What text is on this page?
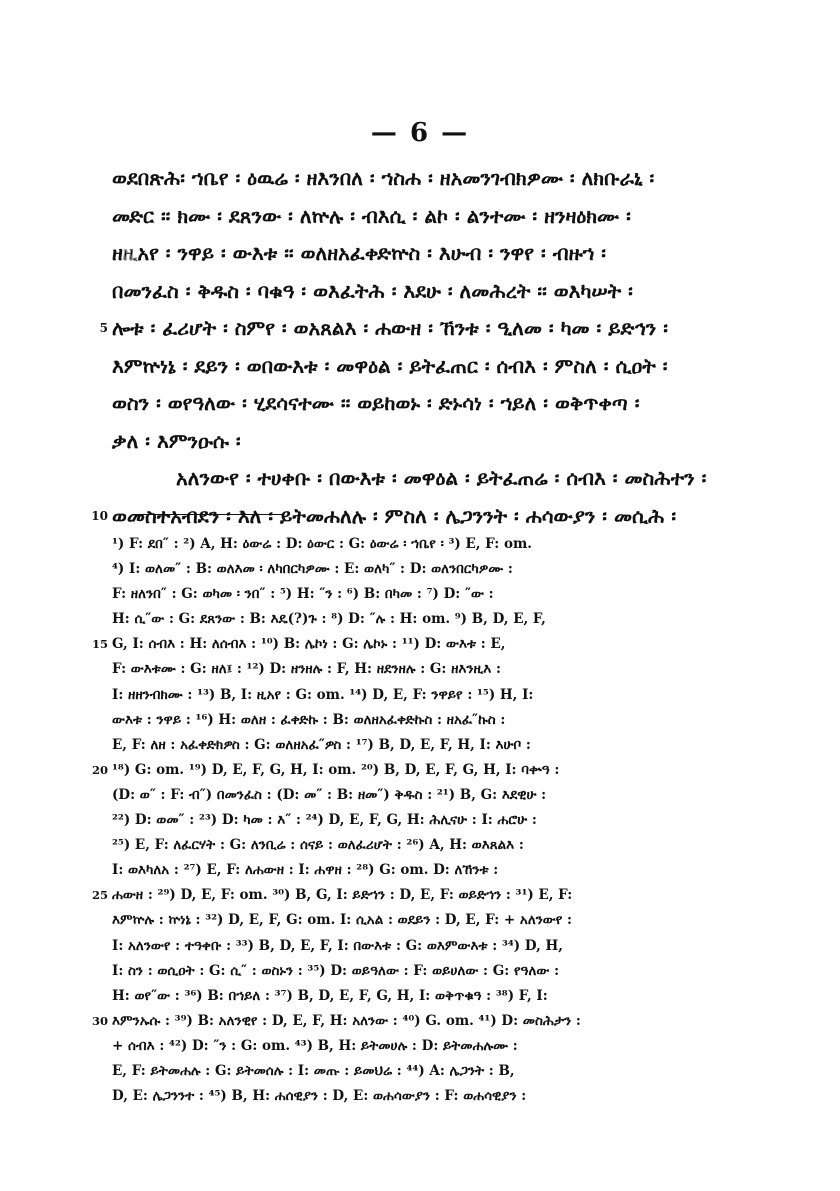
— 6 —
ወደበጽሕ፡ ኀቤየ ፡ ዕዉሬ ፡ ዘእንበለ ፡ ኀስሐ ፡ ዘአመንገብክዎሙ ፡ ለክቡራኒ ፡
መድር ፡፡ ክሙ ፡ ደጸንው ፡ ለኵሉ ፡ ብእሲ ፡ ልኮ ፡ ልንተሙ ፡ ዘንዛዕክሙ ፡
ዘዚአየ ፡ ንዋይ ፡ ውእቱ ፡፡ ወለዘአፈቀድኵስ ፡ እሁብ ፡ ንዋየ ፡ ብዙኀ ፡
በመንፈስ ፡ ቅዱስ ፡ ባቁዓ ፡ ወእፈትሕ ፡ እደሁ ፡ ለመሕረት ፡፡ ወእካሠት ፡
5 ሎቱ ፡ ፈሪሆት ፡ ስምየ ፡ ወአጸልእ ፡ ሐውዘ ፡ ኸንቱ ፡ ዒለመ ፡ ካመ ፡ ይድኅን ፡
እምኵነኔ ፡ ደይን ፡ ወበውእቱ ፡ መዋዕል ፡ ይትፈጠር ፡ ሰብእ ፡ ምስለ ፡ ሲዐት ፡
ወስን ፡ ወየዓለው ፡ ሂደሳናተሙ ፡፡ ወይከወኑ ፡ ድኑሳነ ፡ ኀይለ ፡ ወቅጥቀጣ ፡
ቃለ ፡ እምንዑሱ ፡
አለንውየ ፡ ተሀቀቡ ፡ በውእቱ ፡ መዋዕል ፡ ይትፈጠሬ ፡ ሰብእ ፡ መስሕተን ፡
10 ወመስተአብደን ፡ እለ ፡ ይትመሐለሉ ፡ ምስለ ፡ ሌጋንንት ፡ ሐሳውያን ፡ መሲሕ ፡
¹) F: ደበ″ : ²) A, H: ዕውሬ : D: ዕውር : G: ዕውሬ ፡ ኀቤየ ፡ ³) E, F: om.
⁴) I: ወለመ″ : B: ወለእመ ፡ ለካበርካዎሙ : E: ወለካ″ : D: ወለንበርካዎሙ :
F: ዘለንበ″ : G: ወካመ ፡ ንበ″ : ⁵) H: ″ን : ⁶) B: በካመ : ⁷) D: ″ው :
H: ሲ″ው : G: ደጸንው : B: እዴ(?)ጉ : ⁸) D: ″ሉ : H: om. ⁹) B, D, E, F,
15 G, I: ሰብእ : H: ለሰብእ : ¹⁰) B: ሌኮነ : G: ሌኮኑ : ¹¹) D: ውእቱ : E,
F: ውእቱሙ : G: ዘለ፤ : ¹²) D: ዘንዘሉ : F, H: ዘደንዘሉ : G: ዘእንዚእ :
I: ዘዘንብክሙ : ¹³) B, I: ዚአየ : G: om. ¹⁴) D, E, F: ንዋይየ : ¹⁵) H, I:
ውእቱ : ንዋይ : ¹⁶) H: ወለዘ : ፈቀድኩ : B: ወለዘአፈቀድኩስ : ዘአፈ″ኩስ :
E, F: ለዘ : አፈቀድክዎስ : G: ወለዘአፈ″ዎስ : ¹⁷) B, D, E, F, H, I: እሁቦ :
20 ¹⁸) G: om. ¹⁹) D, E, F, G, H, I: om. ²⁰) B, D, E, F, G, H, I: ባቍዓ :
(D: ወ″ : F: ብ″) በመንፈስ : (D: መ″ : B: ዘመ″) ቅዱስ : ²¹) B, G: እደዊሁ :
²²) D: ወመ″ : ²³) D: ካመ : እ″ : ²⁴) D, E, F, G, H: ሕሊናሁ : I: ሐሮሁ :
²⁵) E, F: ለፈርሃት : G: ለንቢሬ : ሰናይ : ወለፈሪሆት : ²⁶) A, H: ወእጸልእ :
I: ወእካለአ : ²⁷) E, F: ለሐውዘ : I: ሐዋዘ : ²⁸) G: om. D: ለኸንቱ :
25 ሐውዘ : ²⁹) D, E, F: om. ³⁰) B, G, I: ይድኀን : D, E, F: ወይድኀን : ³¹) E, F:
እምኵሉ : ኵነኔ : ³²) D, E, F, G: om. I: ሲአል : ወደይን : D, E, F: + አለንውየ :
I: አለንውየ : ተዓቀቡ : ³³) B, D, E, F, I: በውእቱ : G: ወእምውእቱ : ³⁴) D, H,
I: ስን : ወሲዐት : G: ሲ″ : ወስኑን : ³⁵) D: ወይዓለው : F: ወይሀለው : G: የዓለው :
H: ወየ″ው : ³⁶) B: በኀይለ : ³⁷) B, D, E, F, G, H, I: ወቅጥቁዓ : ³⁸) F, I:
30 እምንኡሱ : ³⁹) B: አለንዊየ : D, E, F, H: አለንው : ⁴⁰) G. om. ⁴¹) D: መስሕታን :
+ ሰብእ : ⁴²) D: ″ን : G: om. ⁴³) B, H: ይትመሀሉ : D: ይትመሐሉሙ :
E, F: ይትመሐሉ : G: ይትመሰሉ : I: መጡ : ይመህሬ : ⁴⁴) A: ሌጋንት : B,
D, E: ሌጋንንተ : ⁴⁵) B, H: ሐሰዊያን : D, E: ወሐሳውያን : F: ወሐሳዊያን :
